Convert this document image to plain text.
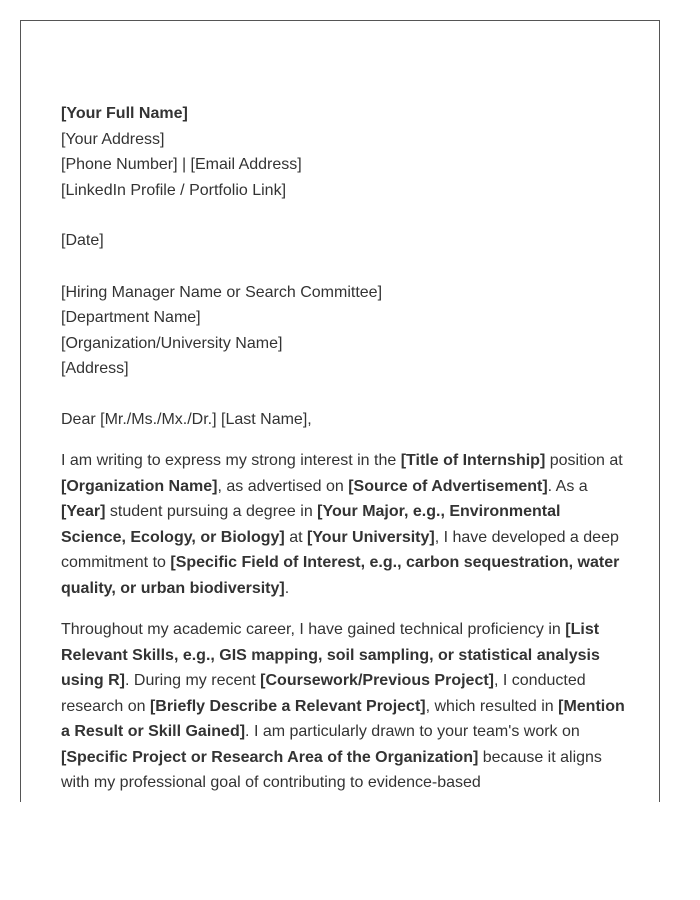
[Your Full Name]
[Your Address]
[Phone Number] | [Email Address]
[LinkedIn Profile / Portfolio Link]
[Date]
[Hiring Manager Name or Search Committee]
[Department Name]
[Organization/University Name]
[Address]
Dear [Mr./Ms./Mx./Dr.] [Last Name],

I am writing to express my strong interest in the [Title of Internship] position at [Organization Name], as advertised on [Source of Advertisement]. As a [Year] student pursuing a degree in [Your Major, e.g., Environmental Science, Ecology, or Biology] at [Your University], I have developed a deep commitment to [Specific Field of Interest, e.g., carbon sequestration, water quality, or urban biodiversity].

Throughout my academic career, I have gained technical proficiency in [List Relevant Skills, e.g., GIS mapping, soil sampling, or statistical analysis using R]. During my recent [Coursework/Previous Project], I conducted research on [Briefly Describe a Relevant Project], which resulted in [Mention a Result or Skill Gained]. I am particularly drawn to your team's work on [Specific Project or Research Area of the Organization] because it aligns with my professional goal of contributing to evidence-based
